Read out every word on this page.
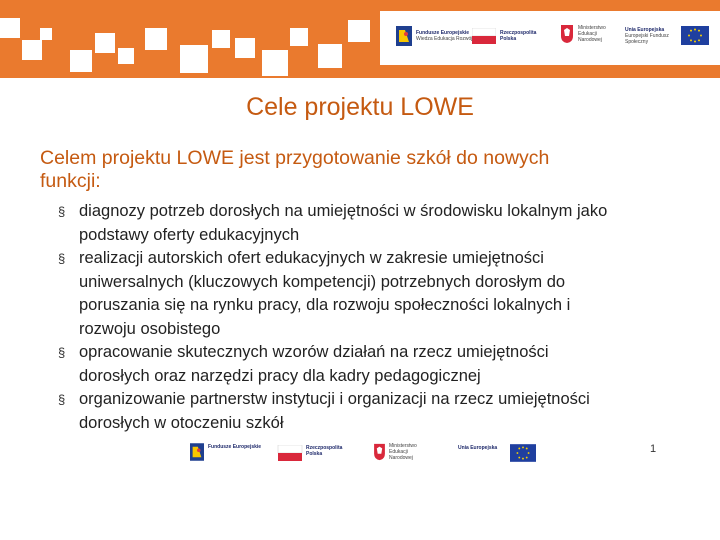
Fundusze Europejskie
Wiedza Edukacja Rozwój
Rzeczpospolita Polska
Ministerstwo Edukacji Narodowej
Unia Europejska
Europejski Fundusz Społeczny
Cele projektu LOWE
Celem projektu LOWE jest przygotowanie szkół do nowych
funkcji:
§ diagnozy potrzeb dorosłych na umiejętności w środowisku lokalnym jako
podstawy oferty edukacyjnych
§ realizacji autorskich ofert edukacyjnych w zakresie umiejętności
uniwersalnych (kluczowych kompetencji) potrzebnych dorosłym do
poruszania się na rynku pracy, dla rozwoju społeczności lokalnych i
rozwoju osobistego
§ opracowanie skutecznych wzorów działań na rzecz umiejętności
dorosłych oraz narzędzi pracy dla kadry pedagogicznej
§ organizowanie partnerstw instytucji i organizacji na rzecz umiejętności
dorosłych w otoczeniu szkół
Fundusze Europejskie	Rzeczpospolita Polska
Ministerstwo Edukacji Narodowej
Unia Europejska	1
